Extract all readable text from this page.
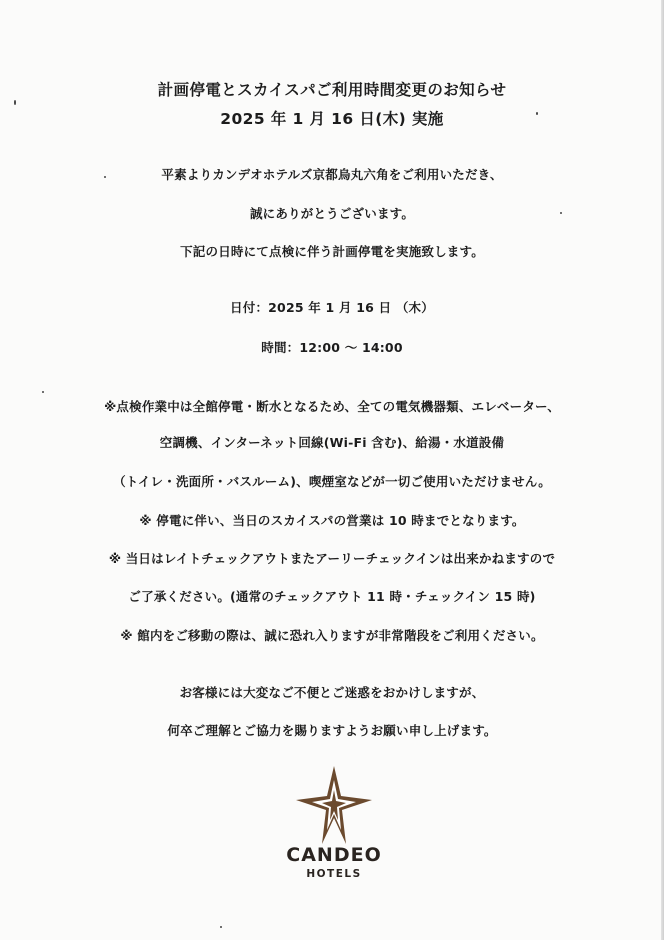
計画停電とスカイスパご利用時間変更のお知らせ
2025 年 1 月 16 日(木) 実施
平素よりカンデオホテルズ京都烏丸六角をご利用いただき、
誠にありがとうございます。
下記の日時にて点検に伴う計画停電を実施致します。
日付：2025 年 1 月 16 日 （木）
時間：12:00 ～ 14:00
※点検作業中は全館停電・断水となるため、全ての電気機器類、エレベーター、
空調機、インターネット回線(Wi-Fi 含む)、給湯・水道設備
（トイレ・洗面所・バスルーム)、喫煙室などが一切ご使用いただけません。
※ 停電に伴い、当日のスカイスパの営業は 10 時までとなります。
※ 当日はレイトチェックアウトまたアーリーチェックインは出来かねますので
ご了承ください。(通常のチェックアウト 11 時・チェックイン 15 時)
※ 館内をご移動の際は、誠に恐れ入りますが非常階段をご利用ください。
お客様には大変なご不便とご迷惑をおかけしますが、
何卒ご理解とご協力を賜りますようお願い申し上げます。
CANDEO
HOTELS
